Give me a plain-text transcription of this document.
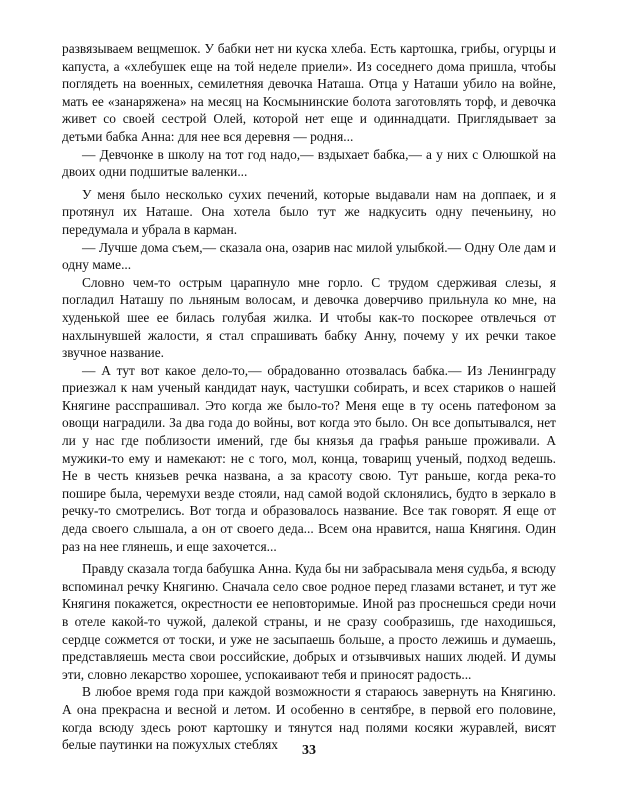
развязываем вещмешок. У бабки нет ни куска хлеба. Есть картошка, грибы, огурцы и капуста, а «хлебушек еще на той неделе приели». Из соседнего дома пришла, чтобы поглядеть на военных, семилетняя девочка Наташа. Отца у Наташи убило на войне, мать ее «занаряжена» на месяц на Космынинские болота заготовлять торф, и девочка живет со своей сестрой Олей, которой нет еще и одиннадцати. Приглядывает за детьми бабка Анна: для нее вся деревня — родня...

— Девчонке в школу на тот год надо,— вздыхает бабка,— а у них с Олюшкой на двоих одни подшитые валенки...

У меня было несколько сухих печений, которые выдавали нам на доппаек, и я протянул их Наташе. Она хотела было тут же надкусить одну печеньину, но передумала и убрала в карман.

— Лучше дома съем,— сказала она, озарив нас милой улыбкой.— Одну Оле дам и одну маме...

Словно чем-то острым царапнуло мне горло. С трудом сдерживая слезы, я погладил Наташу по льняным волосам, и девочка доверчиво прильнула ко мне, на худенькой шее ее билась голубая жилка. И чтобы как-то поскорее отвлечься от нахлынувшей жалости, я стал спрашивать бабку Анну, почему у их речки такое звучное название.

— А тут вот какое дело-то,— обрадованно отозвалась бабка.— Из Ленинграду приезжал к нам ученый кандидат наук, частушки собирать, и всех стариков о нашей Княгине расспрашивал. Это когда же было-то? Меня еще в ту осень патефоном за овощи наградили. За два года до войны, вот когда это было. Он все допытывался, нет ли у нас где поблизости имений, где бы князья да графья раньше проживали. А мужики-то ему и намекают: не с того, мол, конца, товарищ ученый, подход ведешь. Не в честь князьев речка названа, а за красоту свою. Тут раньше, когда река-то пошире была, черемухи везде стояли, над самой водой склонялись, будто в зеркало в речку-то смотрелись. Вот тогда и образовалось название. Все так говорят. Я еще от деда своего слышала, а он от своего деда... Всем она нравится, наша Княгиня. Один раз на нее глянешь, и еще захочется...

Правду сказала тогда бабушка Анна. Куда бы ни забрасывала меня судьба, я всюду вспоминал речку Княгиню. Сначала село свое родное перед глазами встанет, и тут же Княгиня покажется, окрестности ее неповторимые. Иной раз проснешься среди ночи в отеле какой-то чужой, далекой страны, и не сразу сообразишь, где находишься, сердце сожмется от тоски, и уже не засыпаешь больше, а просто лежишь и думаешь, представляешь места свои российские, добрых и отзывчивых наших людей. И думы эти, словно лекарство хорошее, успокаивают тебя и приносят радость...

В любое время года при каждой возможности я стараюсь завернуть на Княгиню. А она прекрасна и весной и летом. И особенно в сентябре, в первой его половине, когда всюду здесь роют картошку и тянутся над полями косяки журавлей, висят белые паутинки на пожухлых стеблях	33
